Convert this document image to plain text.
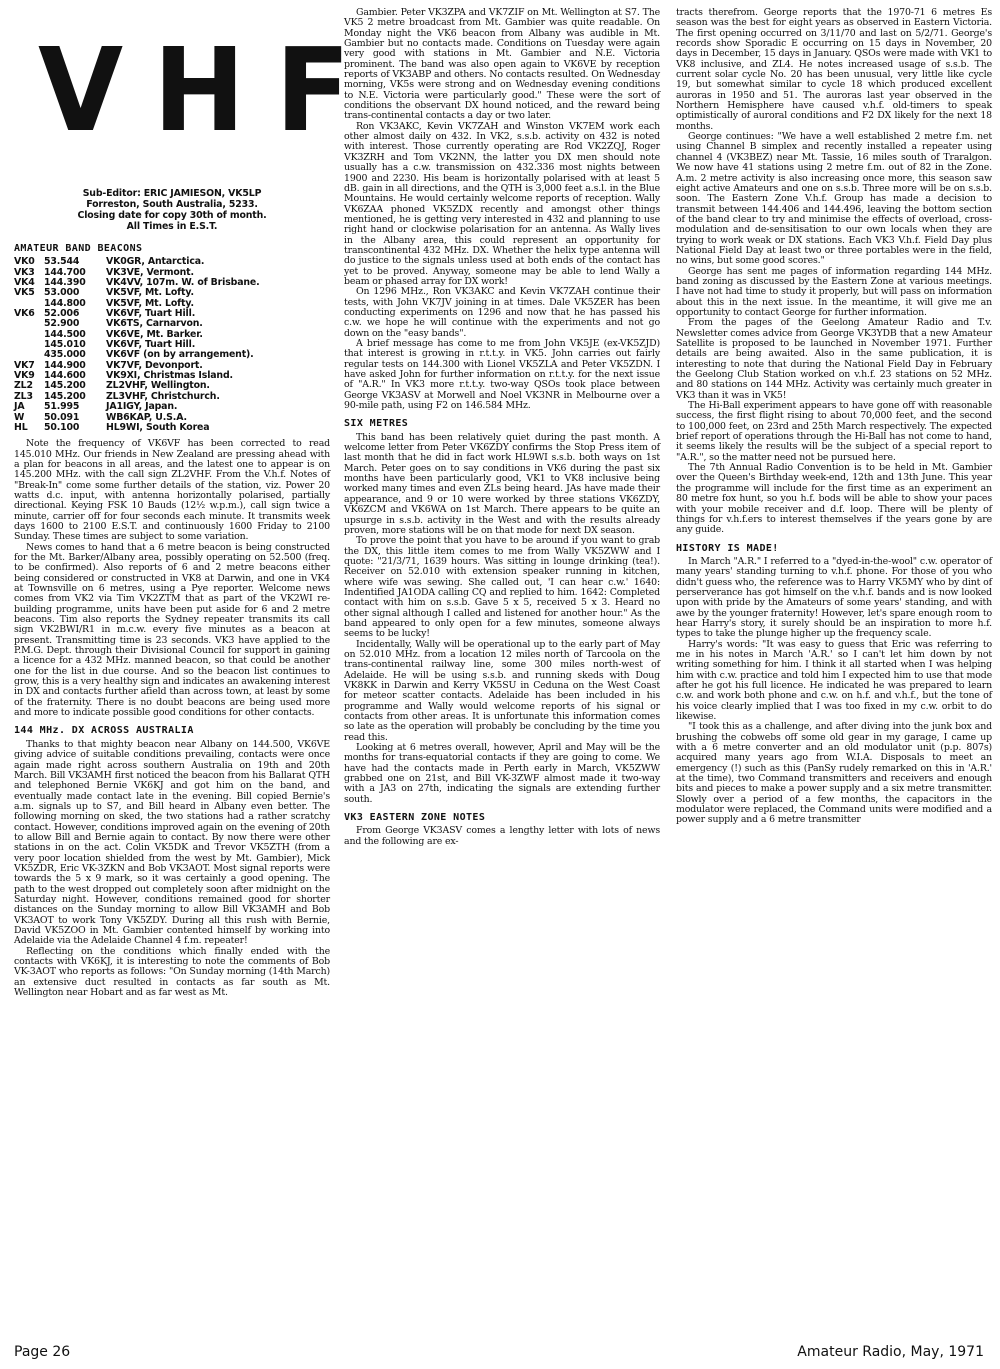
VHF
Sub-Editor: ERIC JAMIESON, VK5LP
Forreston, South Australia, 5233.
Closing date for copy 30th of month.
All Times in E.S.T.
AMATEUR BAND BEACONS
VK0	53.544	VK0GR, Antarctica.
VK3	144.700	VK3VE, Vermont.
VK4	144.390	VK4VV, 107m. W. of Brisbane.
VK5	53.000	VK5VF, Mt. Lofty.
144.800	VK5VF, Mt. Lofty.
VK6	52.006	VK6VF, Tuart Hill.
52.900	VK6TS, Carnarvon.
144.500	VK6VE, Mt. Barker.
145.010	VK6VF, Tuart Hill.
435.000	VK6VF (on by arrangement).
VK7	144.900	VK7VF, Devonport.
VK9	144.600	VK9XI, Christmas Island.
ZL2	145.200	ZL2VHF, Wellington.
ZL3	145.200	ZL3VHF, Christchurch.
JA	51.995	JA1IGY, Japan.
W	50.091	WB6KAP, U.S.A.
HL	50.100	HL9WI, South Korea

Note the frequency of VK6VF has been corrected to read 145.010 MHz. Our friends in New Zealand are pressing ahead with a plan for beacons in all areas, and the latest one to appear is on 145.200 MHz. with the call sign ZL2VHF. From the V.h.f. Notes of "Break-In" come some further details of the station, viz. Power 20 watts d.c. input, with antenna horizontally polarised, partially directional. Keying FSK 10 Bauds (12½ w.p.m.), call sign twice a minute, carrier off for four seconds each minute. It transmits week days 1600 to 2100 E.S.T. and continuously 1600 Friday to 2100 Sunday. These times are subject to some variation.

News comes to hand that a 6 metre beacon is being constructed for the Mt. Barker/Albany area, possibly operating on 52.500 (freq. to be confirmed). Also reports of 6 and 2 metre beacons either being considered or constructed in VK8 at Darwin, and one in VK4 at Townsville on 6 metres, using a Pye reporter. Welcome news comes from VK2 via Tim VK2ZTM that as part of the VK2WI re-building programme, units have been put aside for 6 and 2 metre beacons. Tim also reports the Sydney repeater transmits its call sign VK2BWI/R1 in m.c.w. every five minutes as a beacon at present. Transmitting time is 23 seconds. VK3 have applied to the P.M.G. Dept. through their Divisional Council for support in gaining a licence for a 432 MHz. manned beacon, so that could be another one for the list in due course. And so the beacon list continues to grow, this is a very healthy sign and indicates an awakening interest in DX and contacts further afield than across town, at least by some of the fraternity. There is no doubt beacons are being used more and more to indicate possible good conditions for other contacts.

144 MHz. DX ACROSS AUSTRALIA

Thanks to that mighty beacon near Albany on 144.500, VK6VE giving advice of suitable conditions prevailing, contacts were once again made right across southern Australia on 19th and 20th March. Bill VK3AMH first noticed the beacon from his Ballarat QTH and telephoned Bernie VK6KJ and got him on the band, and eventually made contact late in the evening. Bill copied Bernie's a.m. signals up to S7, and Bill heard in Albany even better. The following morning on sked, the two stations had a rather scratchy contact. However, conditions improved again on the evening of 20th to allow Bill and Bernie again to contact. By now there were other stations in on the act. Colin VK5DK and Trevor VK5ZTH (from a very poor location shielded from the west by Mt. Gambier), Mick VK5ZDR, Eric VK-3ZKN and Bob VK3AOT. Most signal reports were towards the 5 x 9 mark, so it was certainly a good opening. The path to the west dropped out completely soon after midnight on the Saturday night. However, conditions remained good for shorter distances on the Sunday morning to allow Bill VK3AMH and Bob VK3AOT to work Tony VK5ZDY. During all this rush with Bernie, David VK5ZOO in Mt. Gambier contented himself by working into Adelaide via the Adelaide Channel 4 f.m. repeater!

Reflecting on the conditions which finally ended with the contacts with VK6KJ, it is interesting to note the comments of Bob VK-3AOT who reports as follows: "On Sunday morning (14th March) an extensive duct resulted in contacts as far south as Mt. Wellington near Hobart and as far west as Mt.

Gambier. Peter VK3ZPA and VK7ZIF on Mt. Wellington at S7. The VK5 2 metre broadcast from Mt. Gambier was quite readable. On Monday night the VK6 beacon from Albany was audible in Mt. Gambier but no contacts made. Conditions on Tuesday were again very good with stations in Mt. Gambier and N.E. Victoria prominent. The band was also open again to VK6VE by reception reports of VK3ABP and others. No contacts resulted. On Wednesday morning, VK5s were strong and on Wednesday evening conditions to N.E. Victoria were particularly good." These were the sort of conditions the observant DX hound noticed, and the reward being trans-continental contacts a day or two later.

Ron VK3AKC, Kevin VK7ZAH and Winston VK7EM work each other almost daily on 432. In VK2, s.s.b. activity on 432 is noted with interest. Those currently operating are Rod VK2ZQJ, Roger VK3ZRH and Tom VK2NN, the latter you DX men should note usually has a c.w. transmission on 432.336 most nights between 1900 and 2230. His beam is horizontally polarised with at least 5 dB. gain in all directions, and the QTH is 3,000 feet a.s.l. in the Blue Mountains. He would certainly welcome reports of reception. Wally VK6ZAA phoned VK5ZDX recently and amongst other things mentioned, he is getting very interested in 432 and planning to use right hand or clockwise polarisation for an antenna. As Wally lives in the Albany area, this could represent an opportunity for transcontinental 432 MHz. DX. Whether the helix type antenna will do justice to the signals unless used at both ends of the contact has yet to be proved. Anyway, someone may be able to lend Wally a beam or phased array for DX work!

On 1296 MHz., Ron VK3AKC and Kevin VK7ZAH continue their tests, with John VK7JV joining in at times. Dale VK5ZER has been conducting experiments on 1296 and now that he has passed his c.w. we hope he will continue with the experiments and not go down on the "easy bands".

A brief message has come to me from John VK5JE (ex-VK5ZJD) that interest is growing in r.t.t.y. in VK5. John carries out fairly regular tests on 144.300 with Lionel VK5ZLA and Peter VK5ZDN. I have asked John for further information on r.t.t.y. for the next issue of "A.R." In VK3 more r.t.t.y. two-way QSOs took place between George VK3ASV at Morwell and Noel VK3NR in Melbourne over a 90-mile path, using F2 on 146.584 MHz.

SIX METRES

This band has been relatively quiet during the past month. A welcome letter from Peter VK6ZDY confirms the Stop Press item of last month that he did in fact work HL9WI s.s.b. both ways on 1st March. Peter goes on to say conditions in VK6 during the past six months have been particularly good, VK1 to VK8 inclusive being worked many times and even ZLs being heard. JAs have made their appearance, and 9 or 10 were worked by three stations VK6ZDY, VK6ZCM and VK6WA on 1st March. There appears to be quite an upsurge in s.s.b. activity in the West and with the results already proven, more stations will be on that mode for next DX season.

To prove the point that you have to be around if you want to grab the DX, this little item comes to me from Wally VK5ZWW and I quote: "21/3/71, 1639 hours. Was sitting in lounge drinking (tea!). Receiver on 52.010 with extension speaker running in kitchen, where wife was sewing. She called out, 'I can hear c.w.' 1640: Indentified JA1ODA calling CQ and replied to him. 1642: Completed contact with him on s.s.b. Gave 5 x 5, received 5 x 3. Heard no other signal although I called and listened for another hour." As the band appeared to only open for a few minutes, someone always seems to be lucky!

Incidentally, Wally will be operational up to the early part of May on 52.010 MHz. from a location 12 miles north of Tarcoola on the trans-continental railway line, some 300 miles north-west of Adelaide. He will be using s.s.b. and running skeds with Doug VK8KK in Darwin and Kerry VK5SU in Ceduna on the West Coast for meteor scatter contacts. Adelaide has been included in his programme and Wally would welcome reports of his signal or contacts from other areas. It is unfortunate this information comes so late as the operation will probably be concluding by the time you read this.

Looking at 6 metres overall, however, April and May will be the months for trans-equatorial contacts if they are going to come. We have had the contacts made in Perth early in March, VK5ZWW grabbed one on 21st, and Bill VK-3ZWF almost made it two-way with a JA3 on 27th, indicating the signals are extending further south.

VK3 EASTERN ZONE NOTES

From George VK3ASV comes a lengthy letter with lots of news and the following are ex-

tracts therefrom. George reports that the 1970-71 6 metres Es season was the best for eight years as observed in Eastern Victoria. The first opening occurred on 3/11/70 and last on 5/2/71. George's records show Sporadic E occurring on 15 days in November, 20 days in December, 15 days in January. QSOs were made with VK1 to VK8 inclusive, and ZL4. He notes increased usage of s.s.b. The current solar cycle No. 20 has been unusual, very little like cycle 19, but somewhat similar to cycle 18 which produced excellent auroras in 1950 and 51. The auroras last year observed in the Northern Hemisphere have caused v.h.f. old-timers to speak optimistically of auroral conditions and F2 DX likely for the next 18 months.

George continues: "We have a well established 2 metre f.m. net using Channel B simplex and recently installed a repeater using channel 4 (VK3BEZ) near Mt. Tassie, 16 miles south of Traralgon. We now have 41 stations using 2 metre f.m. out of 82 in the Zone. A.m. 2 metre activity is also increasing once more, this season saw eight active Amateurs and one on s.s.b. Three more will be on s.s.b. soon. The Eastern Zone V.h.f. Group has made a decision to transmit between 144.406 and 144.496, leaving the bottom section of the band clear to try and minimise the effects of overload, cross-modulation and de-sensitisation to our own locals when they are trying to work weak or DX stations. Each VK3 V.h.f. Field Day plus National Field Day at least two or three portables were in the field, no wins, but some good scores."

George has sent me pages of information regarding 144 MHz. band zoning as discussed by the Eastern Zone at various meetings. I have not had time to study it properly, but will pass on information about this in the next issue. In the meantime, it will give me an opportunity to contact George for further information.

From the pages of the Geelong Amateur Radio and T.v. Newsletter comes advice from George VK3YDB that a new Amateur Satellite is proposed to be launched in November 1971. Further details are being awaited. Also in the same publication, it is interesting to note that during the National Field Day in February the Geelong Club Station worked on v.h.f. 23 stations on 52 MHz. and 80 stations on 144 MHz. Activity was certainly much greater in VK3 than it was in VK5!

The Hi-Ball experiment appears to have gone off with reasonable success, the first flight rising to about 70,000 feet, and the second to 100,000 feet, on 23rd and 25th March respectively. The expected brief report of operations through the Hi-Ball has not come to hand, it seems likely the results will be the subject of a special report to "A.R.", so the matter need not be pursued here.

The 7th Annual Radio Convention is to be held in Mt. Gambier over the Queen's Birthday week-end, 12th and 13th June. This year the programme will include for the first time as an experiment an 80 metre fox hunt, so you h.f. bods will be able to show your paces with your mobile receiver and d.f. loop. There will be plenty of things for v.h.f.ers to interest themselves if the years gone by are any guide.

HISTORY IS MADE!

In March "A.R." I referred to a "dyed-in-the-wool" c.w. operator of many years' standing turning to v.h.f. phone. For those of you who didn't guess who, the reference was to Harry VK5MY who by dint of perserverance has got himself on the v.h.f. bands and is now looked upon with pride by the Amateurs of some years' standing, and with awe by the younger fraternity! However, let's spare enough room to hear Harry's story, it surely should be an inspiration to more h.f. types to take the plunge higher up the frequency scale.

Harry's words: "It was easy to guess that Eric was referring to me in his notes in March 'A.R.' so I can't let him down by not writing something for him. I think it all started when I was helping him with c.w. practice and told him I expected him to use that mode after he got his full licence. He indicated he was prepared to learn c.w. and work both phone and c.w. on h.f. and v.h.f., but the tone of his voice clearly implied that I was too fixed in my c.w. orbit to do likewise.

"I took this as a challenge, and after diving into the junk box and brushing the cobwebs off some old gear in my garage, I came up with a 6 metre converter and an old modulator unit (p.p. 807s) acquired many years ago from W.I.A. Disposals to meet an emergency (!) such as this (PanSy rudely remarked on this in 'A.R.' at the time), two Command transmitters and receivers and enough bits and pieces to make a power supply and a six metre transmitter. Slowly over a period of a few months, the capacitors in the modulator were replaced, the Command units were modified and a power supply and a 6 metre transmitter

Page 26	Amateur Radio, May, 1971
